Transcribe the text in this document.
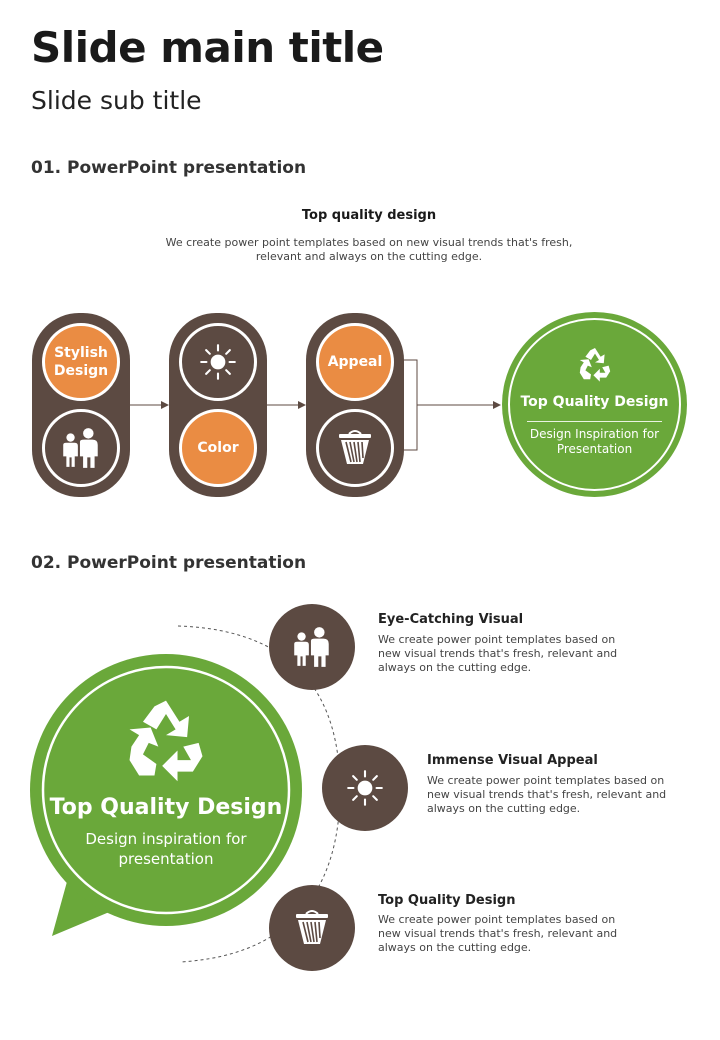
Slide main title
Slide sub title
01. PowerPoint presentation
Top quality design
We create power point templates based on new visual trends that's fresh, relevant and always on the cutting edge.
Stylish Design
Color
Appeal
Top Quality Design
Design Inspiration for Presentation
02. PowerPoint presentation
Top Quality Design
Design inspiration for presentation
Eye-Catching Visual
We create power point templates based on new visual trends that's fresh, relevant and always on the cutting edge.
Immense Visual Appeal
We create power point templates based on new visual trends that's fresh, relevant and always on the cutting edge.
Top Quality Design
We create power point templates based on new visual trends that's fresh, relevant and always on the cutting edge.
